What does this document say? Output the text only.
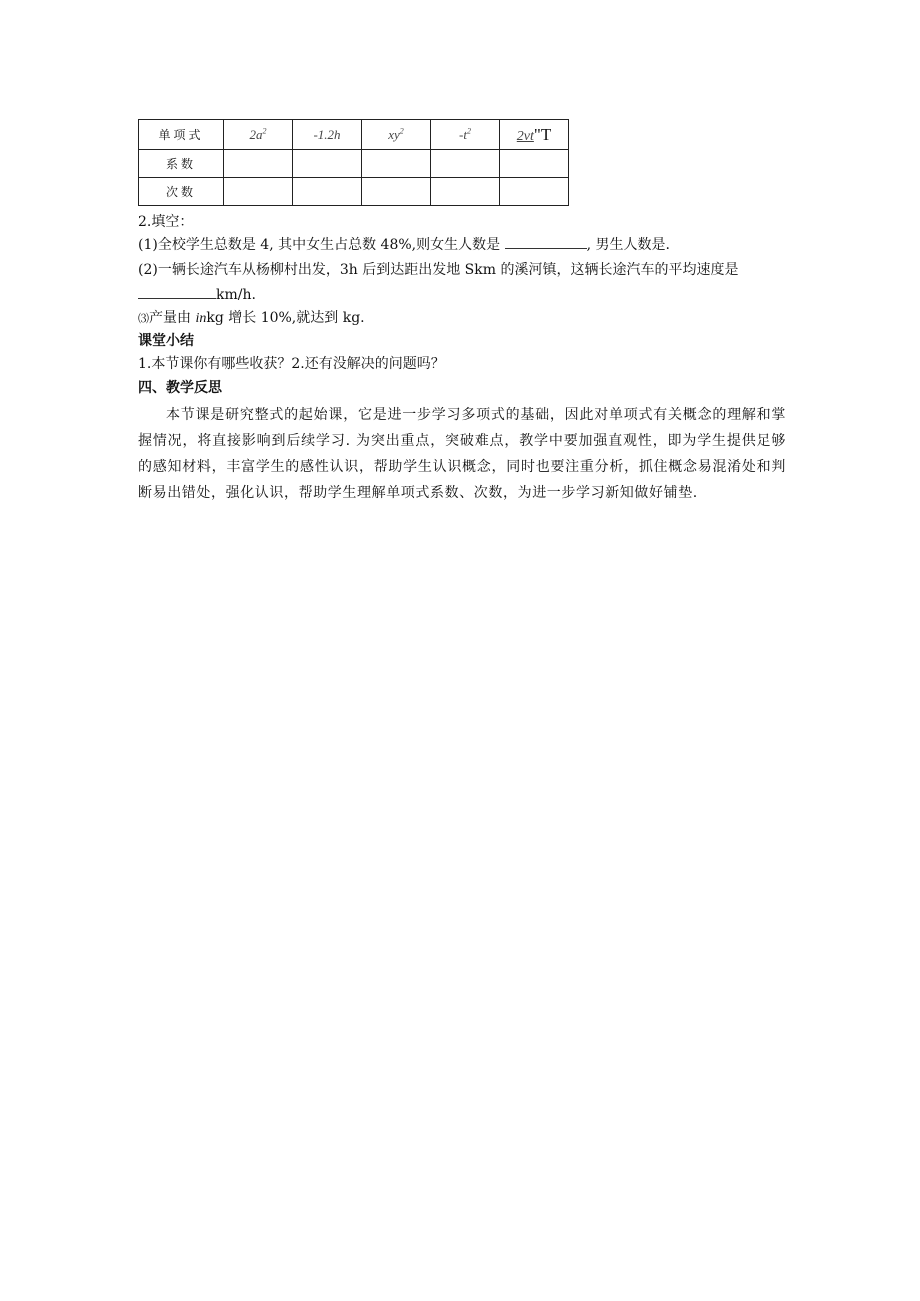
单项式	$2a^2$	-1.2h	$xy^2$	$-t^2$	2vt"T
系数					
次数					
2.填空：
(1)全校学生总数是 4, 其中女生占总数 48%,则女生人数是	, 男生人数是.
(2)一辆长途汽车从杨柳村出发，3h 后到达距出发地 Skm 的溪河镇，这辆长途汽车的平均速度是
km/h.
⑶产量由 inkg 增长 10%,就达到 kg.
课堂小结
1.本节课你有哪些收获？2.还有没解决的问题吗？
四、教学反思
本节课是研究整式的起始课，它是进一步学习多项式的基础，因此对单项式有关概念的理解和掌握情况，将直接影响到后续学习. 为突出重点，突破难点，教学中要加强直观性，即为学生提供足够的感知材料，丰富学生的感性认识，帮助学生认识概念，同时也要注重分析，抓住概念易混淆处和判断易出错处，强化认识，帮助学生理解单项式系数、次数，为进一步学习新知做好铺垫.
